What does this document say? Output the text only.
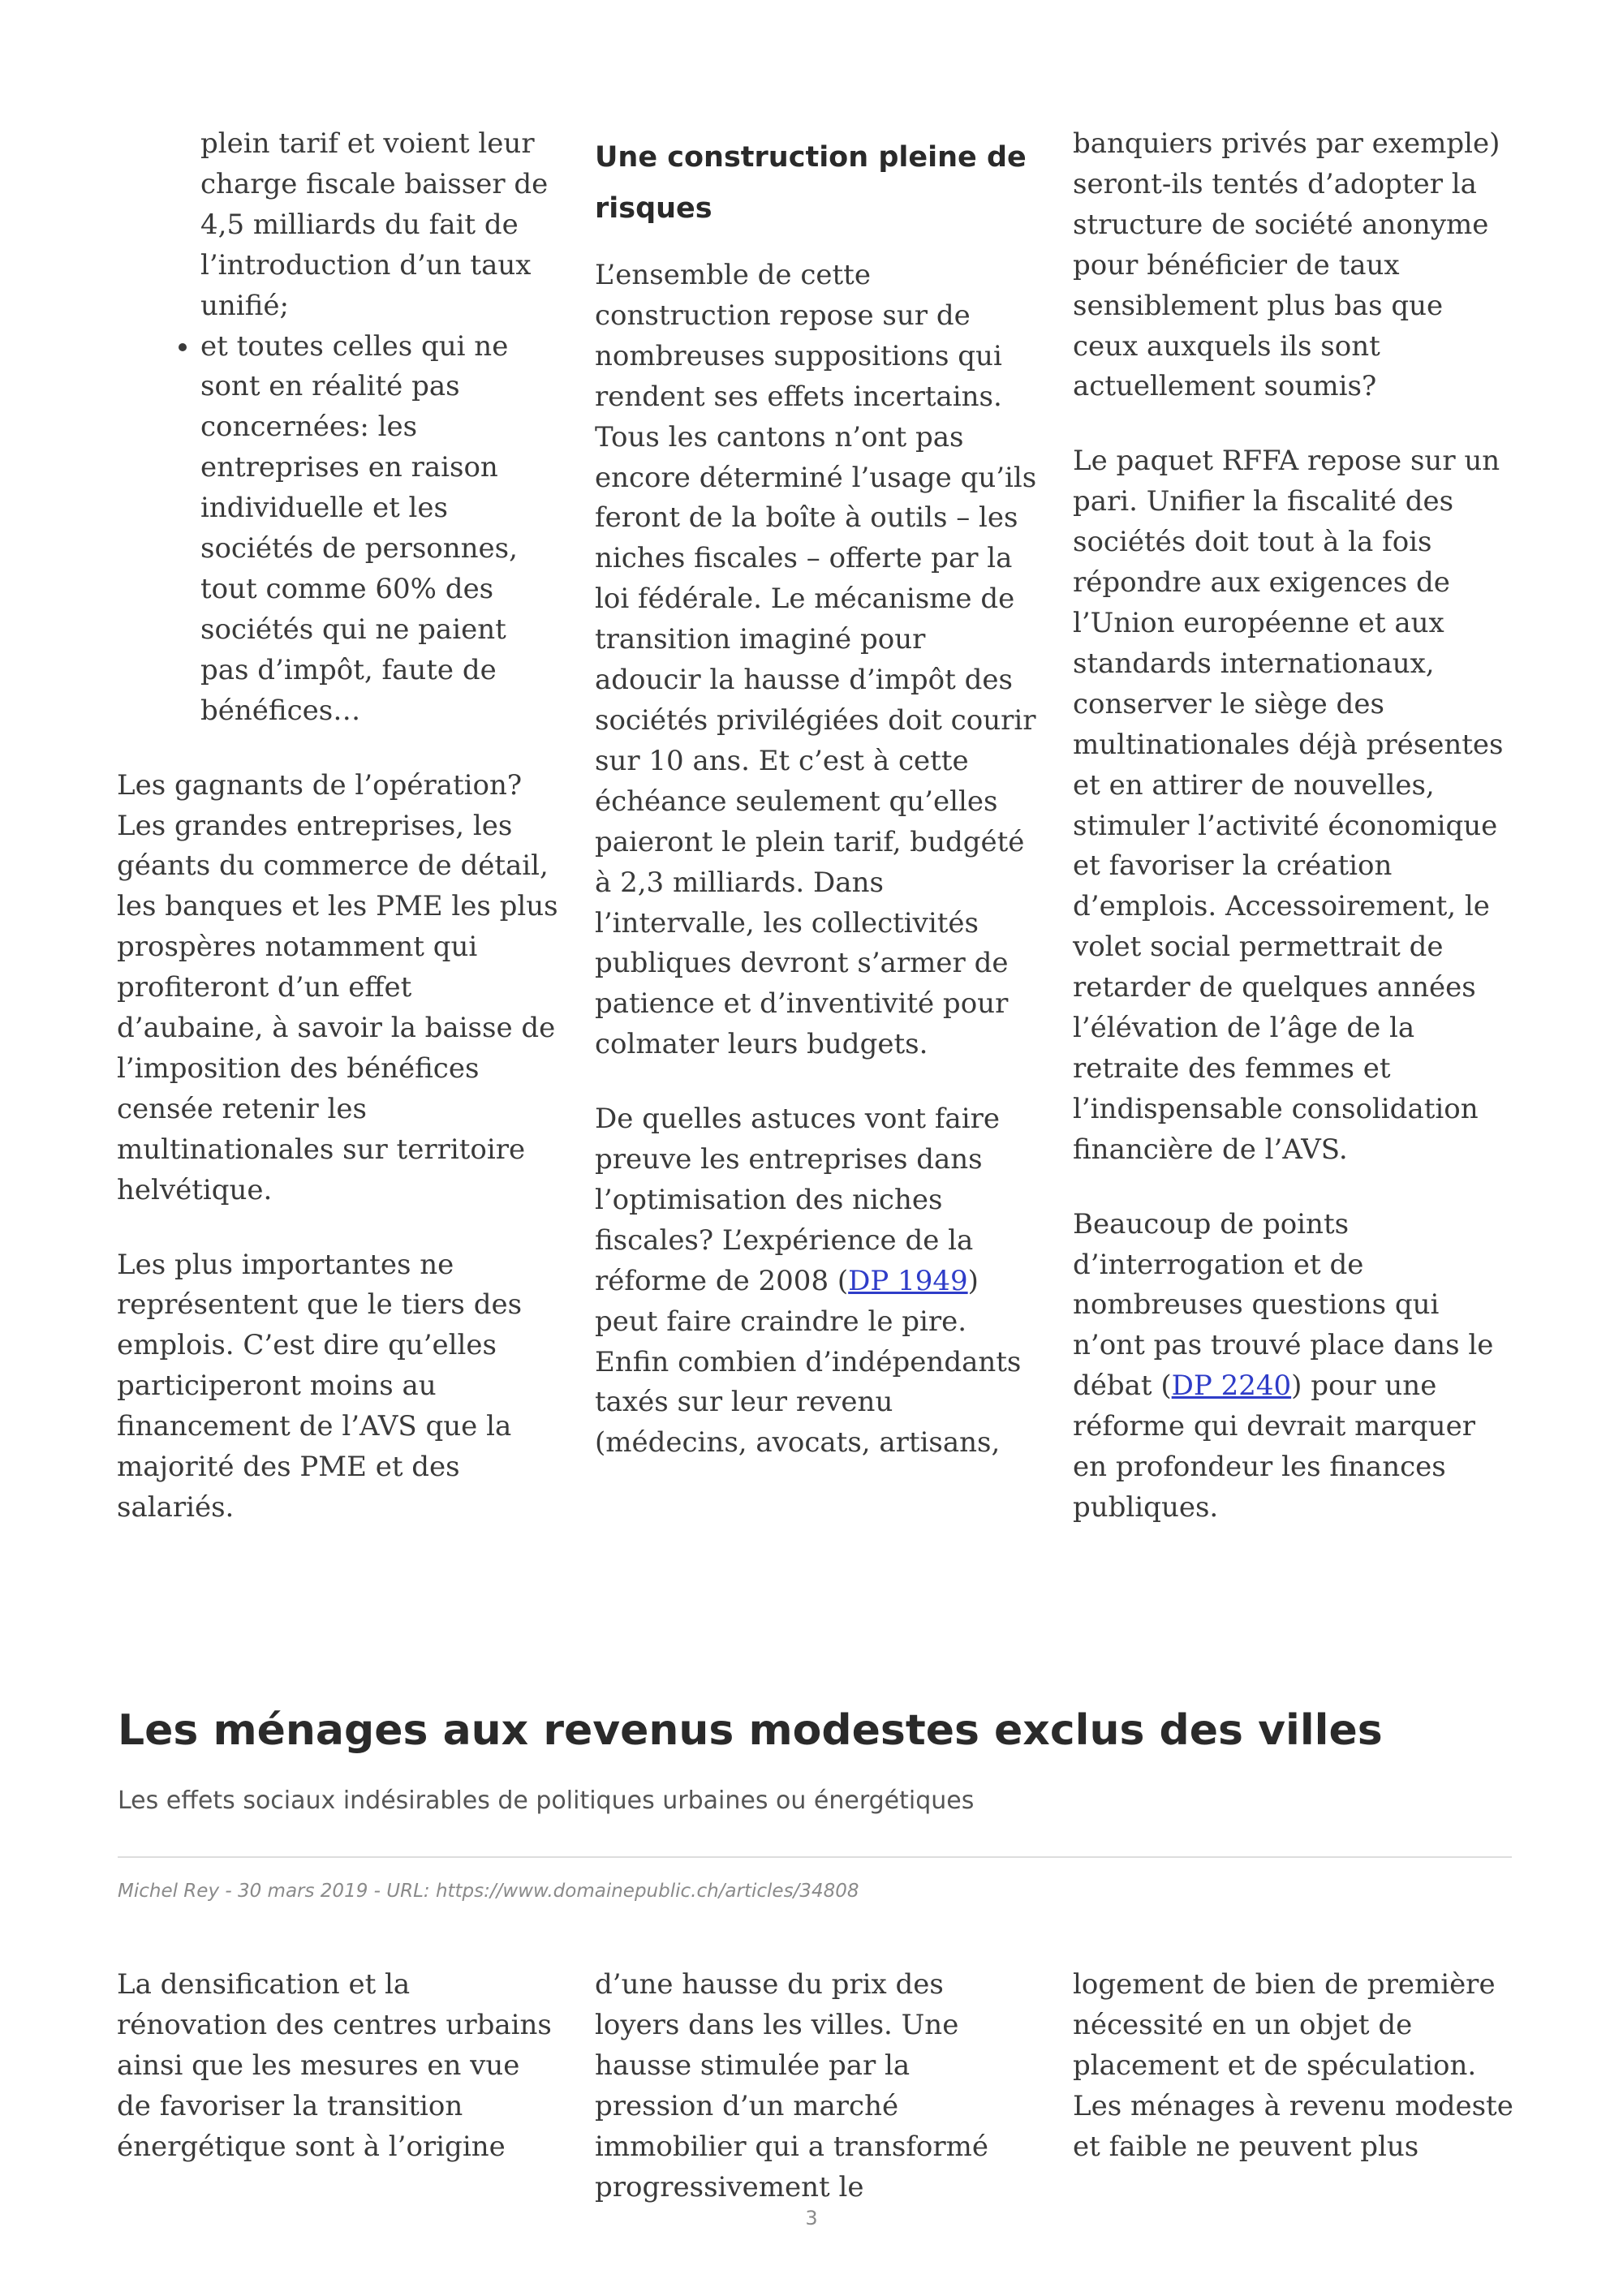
plein tarif et voient leur charge fiscale baisser de 4,5 milliards du fait de l’introduction d’un taux unifié;
• et toutes celles qui ne sont en réalité pas concernées: les entreprises en raison individuelle et les sociétés de personnes, tout comme 60% des sociétés qui ne paient pas d’impôt, faute de bénéfices…

Les gagnants de l’opération? Les grandes entreprises, les géants du commerce de détail, les banques et les PME les plus prospères notamment qui profiteront d’un effet d’aubaine, à savoir la baisse de l’imposition des bénéfices censée retenir les multinationales sur territoire helvétique.

Les plus importantes ne représentent que le tiers des emplois. C’est dire qu’elles participeront moins au financement de l’AVS que la majorité des PME et des salariés.

Une construction pleine de risques

L’ensemble de cette construction repose sur de nombreuses suppositions qui rendent ses effets incertains. Tous les cantons n’ont pas encore déterminé l’usage qu’ils feront de la boîte à outils – les niches fiscales – offerte par la loi fédérale. Le mécanisme de transition imaginé pour adoucir la hausse d’impôt des sociétés privilégiées doit courir sur 10 ans. Et c’est à cette échéance seulement qu’elles paieront le plein tarif, budgété à 2,3 milliards. Dans l’intervalle, les collectivités publiques devront s’armer de patience et d’inventivité pour colmater leurs budgets.

De quelles astuces vont faire preuve les entreprises dans l’optimisation des niches fiscales? L’expérience de la réforme de 2008 (DP 1949) peut faire craindre le pire. Enfin combien d’indépendants taxés sur leur revenu (médecins, avocats, artisans,

banquiers privés par exemple) seront-ils tentés d’adopter la structure de société anonyme pour bénéficier de taux sensiblement plus bas que ceux auxquels ils sont actuellement soumis?

Le paquet RFFA repose sur un pari. Unifier la fiscalité des sociétés doit tout à la fois répondre aux exigences de l’Union européenne et aux standards internationaux, conserver le siège des multinationales déjà présentes et en attirer de nouvelles, stimuler l’activité économique et favoriser la création d’emplois. Accessoirement, le volet social permettrait de retarder de quelques années l’élévation de l’âge de la retraite des femmes et l’indispensable consolidation financière de l’AVS.

Beaucoup de points d’interrogation et de nombreuses questions qui n’ont pas trouvé place dans le débat (DP 2240) pour une réforme qui devrait marquer en profondeur les finances publiques.

Les ménages aux revenus modestes exclus des villes

Les effets sociaux indésirables de politiques urbaines ou énergétiques

Michel Rey - 30 mars 2019 - URL: https://www.domainepublic.ch/articles/34808

La densification et la rénovation des centres urbains ainsi que les mesures en vue de favoriser la transition énergétique sont à l’origine

d’une hausse du prix des loyers dans les villes. Une hausse stimulée par la pression d’un marché immobilier qui a transformé progressivement le

logement de bien de première nécessité en un objet de placement et de spéculation. Les ménages à revenu modeste et faible ne peuvent plus

3
